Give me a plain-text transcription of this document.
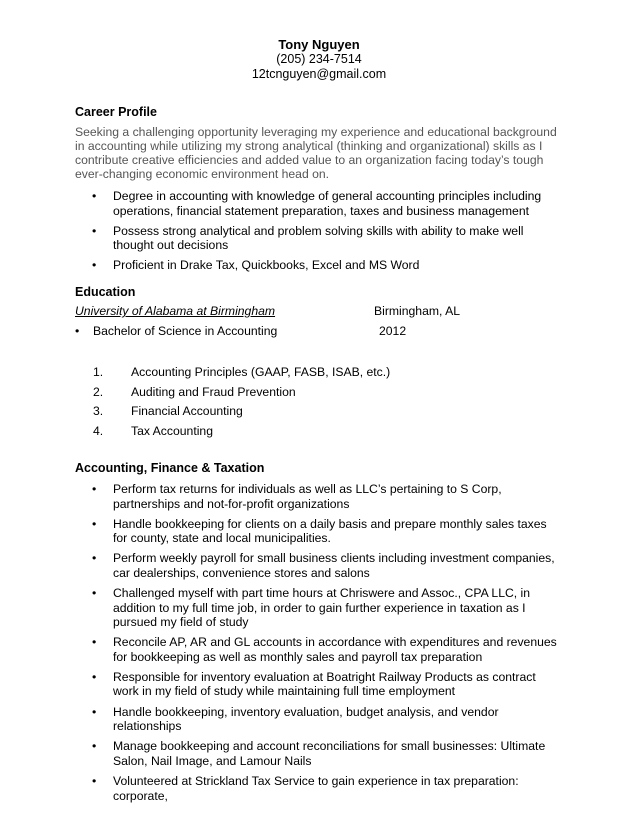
Tony Nguyen
(205) 234-7514
12tcnguyen@gmail.com
Career Profile
Seeking a challenging opportunity leveraging my experience and educational background in accounting while utilizing my strong analytical (thinking and organizational) skills as I contribute creative efficiencies and added value to an organization facing today’s tough ever-changing economic environment head on.
• Degree in accounting with knowledge of general accounting principles including operations, financial statement preparation, taxes and business management
• Possess strong analytical and problem solving skills with ability to make well thought out decisions
• Proficient in Drake Tax, Quickbooks, Excel and MS Word
Education
University of Alabama at Birmingham	Birmingham, AL
• Bachelor of Science in Accounting	2012
1. Accounting Principles (GAAP, FASB, ISAB, etc.)
2. Auditing and Fraud Prevention
3. Financial Accounting
4. Tax Accounting
Accounting, Finance & Taxation
• Perform tax returns for individuals as well as LLC’s pertaining to S Corp, partnerships and not-for-profit organizations
• Handle bookkeeping for clients on a daily basis and prepare monthly sales taxes for county, state and local municipalities.
• Perform weekly payroll for small business clients including investment companies, car dealerships, convenience stores and salons
• Challenged myself with part time hours at Chriswere and Assoc., CPA LLC, in addition to my full time job, in order to gain further experience in taxation as I pursued my field of study
• Reconcile AP, AR and GL accounts in accordance with expenditures and revenues for bookkeeping as well as monthly sales and payroll tax preparation
• Responsible for inventory evaluation at Boatright Railway Products as contract work in my field of study while maintaining full time employment
• Handle bookkeeping, inventory evaluation, budget analysis, and vendor relationships
• Manage bookkeeping and account reconciliations for small businesses: Ultimate Salon, Nail Image, and Lamour Nails
• Volunteered at Strickland Tax Service to gain experience in tax preparation: corporate,
